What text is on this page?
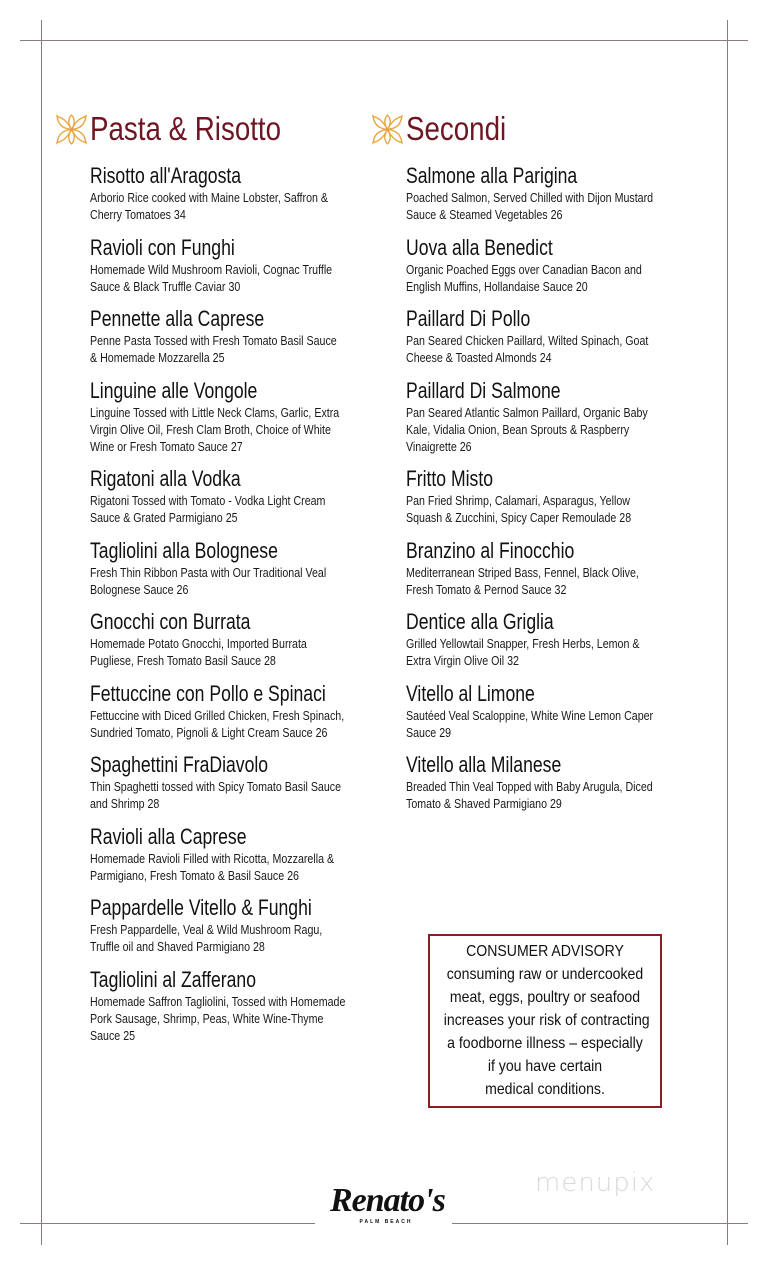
Pasta & Risotto
Risotto all'Aragosta
Arborio Rice cooked with Maine Lobster, Saffron &
Cherry Tomatoes 34
Ravioli con Funghi
Homemade Wild Mushroom Ravioli, Cognac Truffle
Sauce & Black Truffle Caviar 30
Pennette alla Caprese
Penne Pasta Tossed with Fresh Tomato Basil Sauce
& Homemade Mozzarella 25
Linguine alle Vongole
Linguine Tossed with Little Neck Clams, Garlic, Extra
Virgin Olive Oil, Fresh Clam Broth, Choice of White
Wine or Fresh Tomato Sauce 27
Rigatoni alla Vodka
Rigatoni Tossed with Tomato - Vodka Light Cream
Sauce & Grated Parmigiano 25
Tagliolini alla Bolognese
Fresh Thin Ribbon Pasta with Our Traditional Veal
Bolognese Sauce 26
Gnocchi con Burrata
Homemade Potato Gnocchi, Imported Burrata
Pugliese, Fresh Tomato Basil Sauce 28
Fettuccine con Pollo e Spinaci
Fettuccine with Diced Grilled Chicken, Fresh Spinach,
Sundried Tomato, Pignoli & Light Cream Sauce 26
Spaghettini FraDiavolo
Thin Spaghetti tossed with Spicy Tomato Basil Sauce
and Shrimp 28
Ravioli alla Caprese
Homemade Ravioli Filled with Ricotta, Mozzarella &
Parmigiano, Fresh Tomato & Basil Sauce 26
Pappardelle Vitello & Funghi
Fresh Pappardelle, Veal & Wild Mushroom Ragu,
Truffle oil and Shaved Parmigiano 28
Tagliolini al Zafferano
Homemade Saffron Tagliolini, Tossed with Homemade
Pork Sausage, Shrimp, Peas, White Wine-Thyme
Sauce 25
Secondi
Salmone alla Parigina
Poached Salmon, Served Chilled with Dijon Mustard
Sauce & Steamed Vegetables 26
Uova alla Benedict
Organic Poached Eggs over Canadian Bacon and
English Muffins, Hollandaise Sauce 20
Paillard Di Pollo
Pan Seared Chicken Paillard, Wilted Spinach, Goat
Cheese & Toasted Almonds 24
Paillard Di Salmone
Pan Seared Atlantic Salmon Paillard, Organic Baby
Kale, Vidalia Onion, Bean Sprouts & Raspberry
Vinaigrette 26
Fritto Misto
Pan Fried Shrimp, Calamari, Asparagus, Yellow
Squash & Zucchini, Spicy Caper Remoulade 28
Branzino al Finocchio
Mediterranean Striped Bass, Fennel, Black Olive,
Fresh Tomato & Pernod Sauce 32
Dentice alla Griglia
Grilled Yellowtail Snapper, Fresh Herbs, Lemon &
Extra Virgin Olive Oil 32
Vitello al Limone
Sautéed Veal Scaloppine, White Wine Lemon Caper
Sauce 29
Vitello alla Milanese
Breaded Thin Veal Topped with Baby Arugula, Diced
Tomato & Shaved Parmigiano 29
CONSUMER ADVISORY
consuming raw or undercooked
meat, eggs, poultry or seafood
increases your risk of contracting
a foodborne illness – especially
if you have certain
medical conditions.
menupix
Renato's
PALM BEACH
